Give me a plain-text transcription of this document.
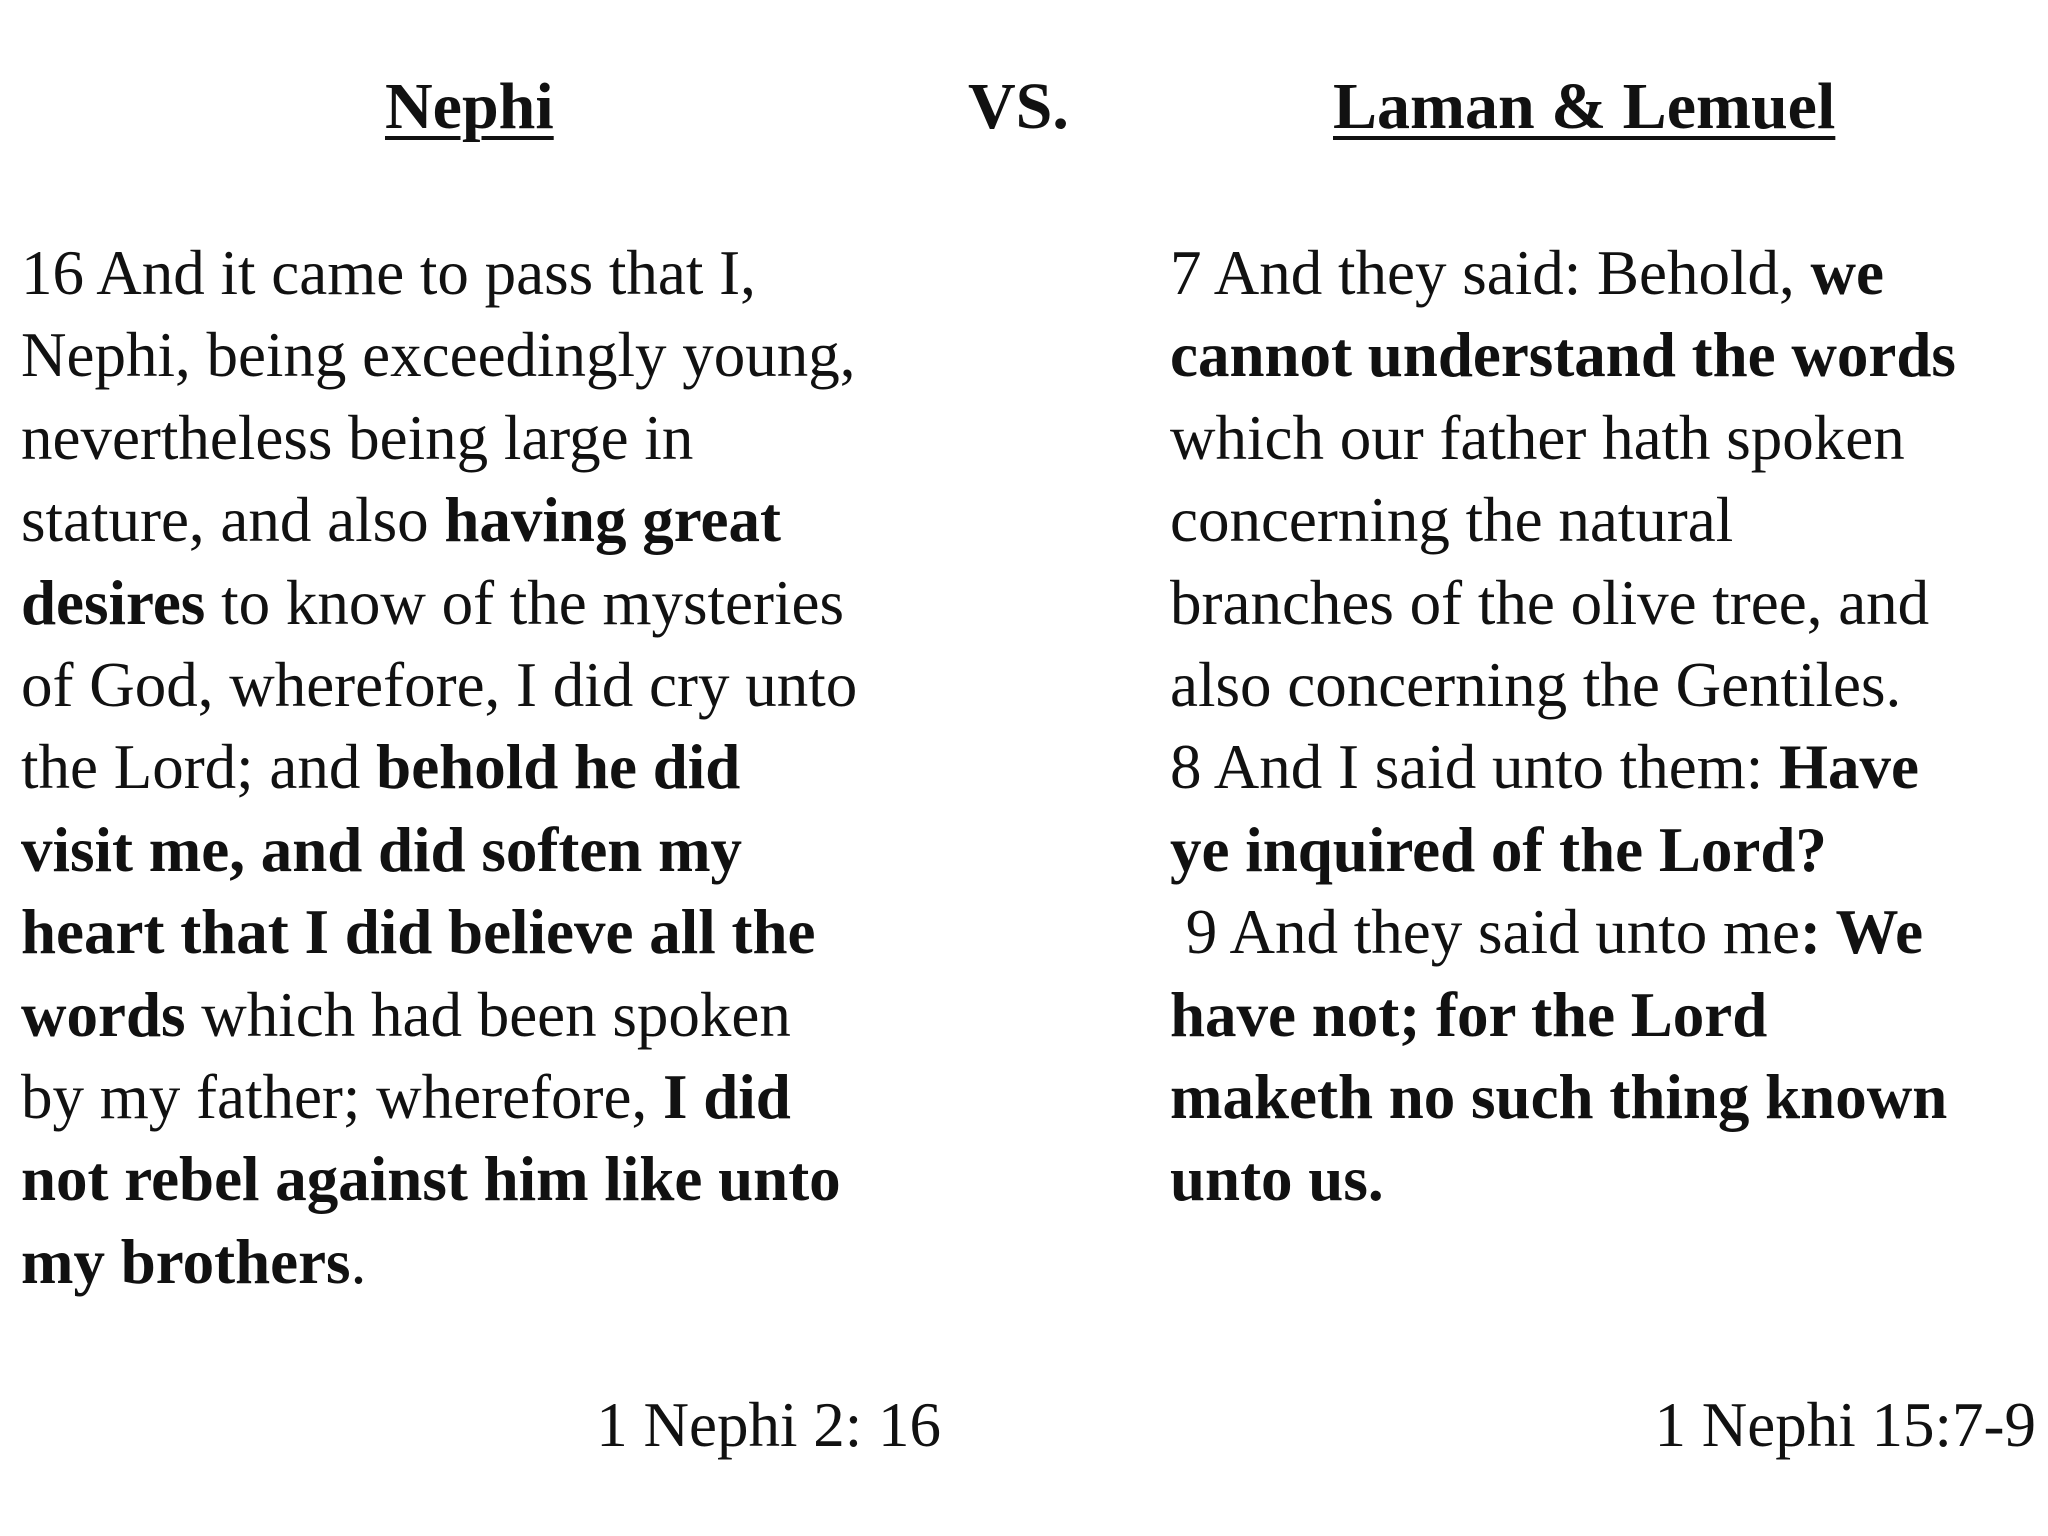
Nephi	VS.	Laman & Lemuel
16 And it came to pass that I,
Nephi, being exceedingly young,
nevertheless being large in
stature, and also having great
desires to know of the mysteries
of God, wherefore, I did cry unto
the Lord; and behold he did
visit me, and did soften my
heart that I did believe all the
words which had been spoken
by my father; wherefore, I did
not rebel against him like unto
my brothers.
7 And they said: Behold, we
cannot understand the words
which our father hath spoken
concerning the natural
branches of the olive tree, and
also concerning the Gentiles.
8 And I said unto them: Have
ye inquired of the Lord?
9 And they said unto me: We
have not; for the Lord
maketh no such thing known
unto us.

1 Nephi 2: 16	1 Nephi 15:7-9
